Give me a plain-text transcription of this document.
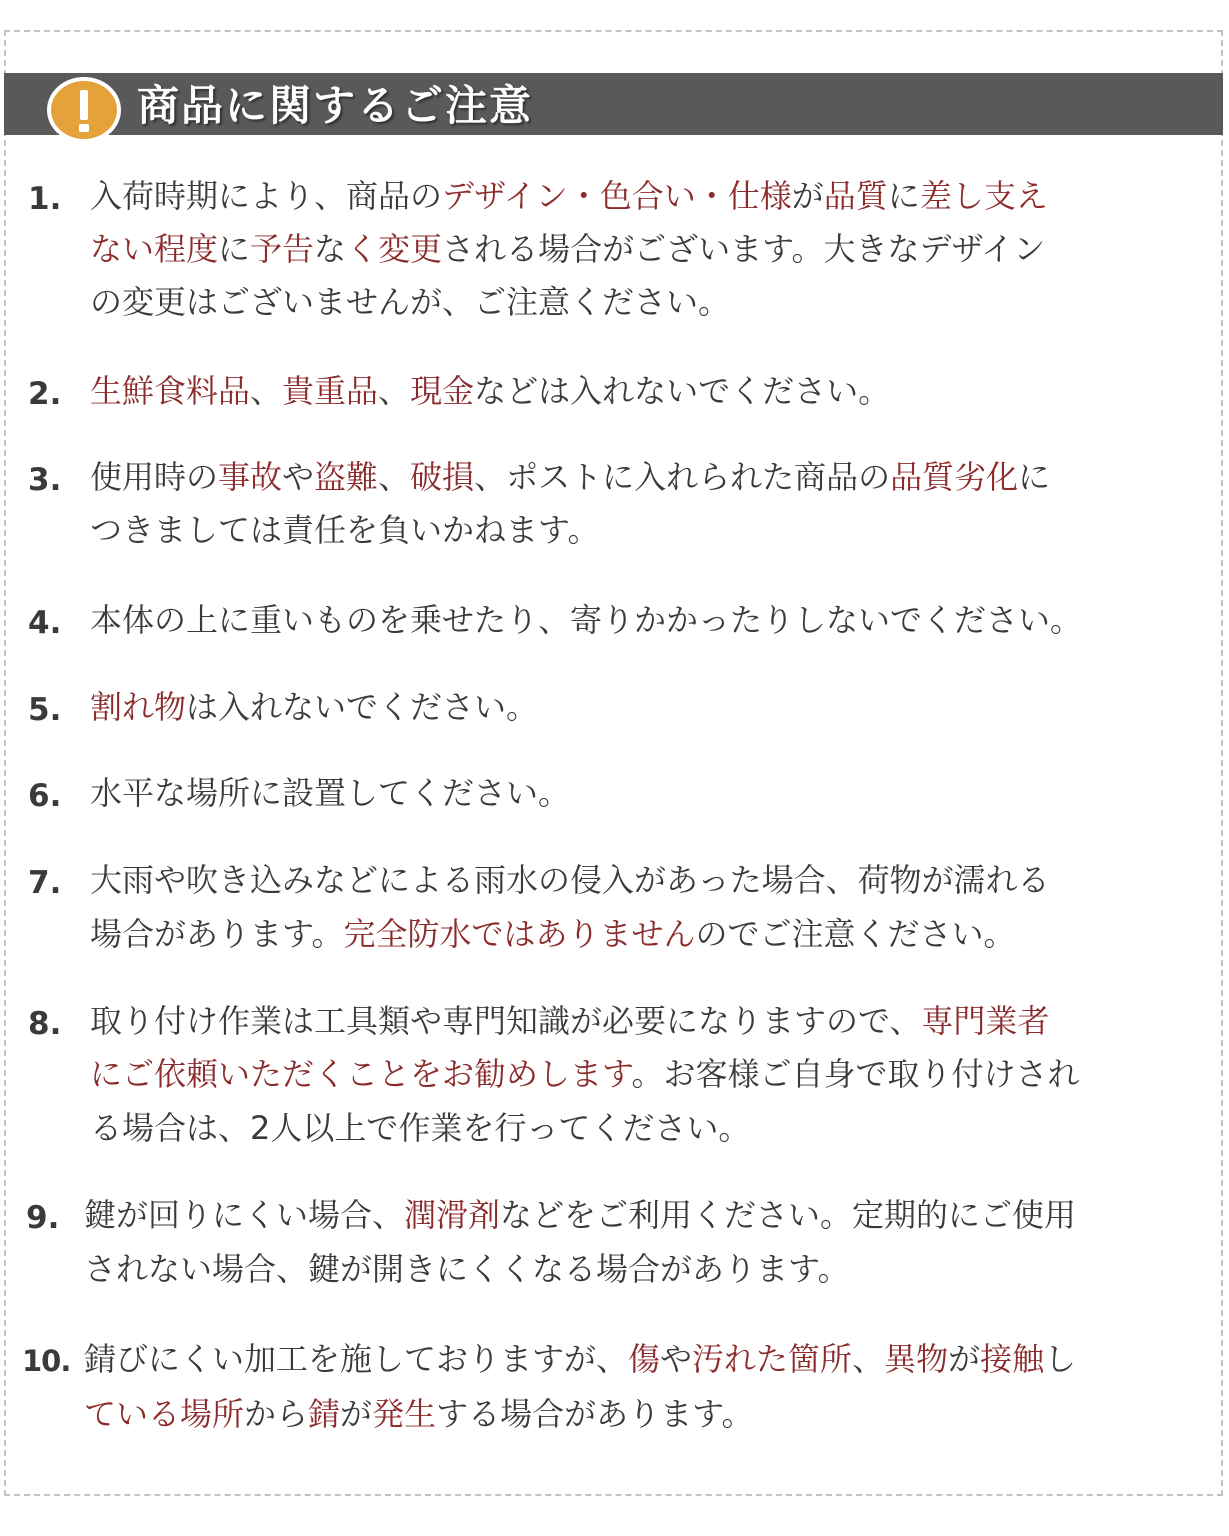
商品に関するご注意
1. 入荷時期により、商品のデザイン・色合い・仕様が品質に差し支え
ない程度に予告なく変更される場合がございます。大きなデザイン
の変更はございませんが、ご注意ください。
2. 生鮮食料品、貴重品、現金などは入れないでください。
3. 使用時の事故や盗難、破損、ポストに入れられた商品の品質劣化に
つきましては責任を負いかねます。
4. 本体の上に重いものを乗せたり、寄りかかったりしないでください。
5. 割れ物は入れないでください。
6. 水平な場所に設置してください。
7. 大雨や吹き込みなどによる雨水の侵入があった場合、荷物が濡れる
場合があります。完全防水ではありませんのでご注意ください。
8. 取り付け作業は工具類や専門知識が必要になりますので、専門業者
にご依頼いただくことをお勧めします。お客様ご自身で取り付けされ
る場合は、2人以上で作業を行ってください。
9. 鍵が回りにくい場合、潤滑剤などをご利用ください。定期的にご使用
されない場合、鍵が開きにくくなる場合があります。
10. 錆びにくい加工を施しておりますが、傷や汚れた箇所、異物が接触し
ている場所から錆が発生する場合があります。
